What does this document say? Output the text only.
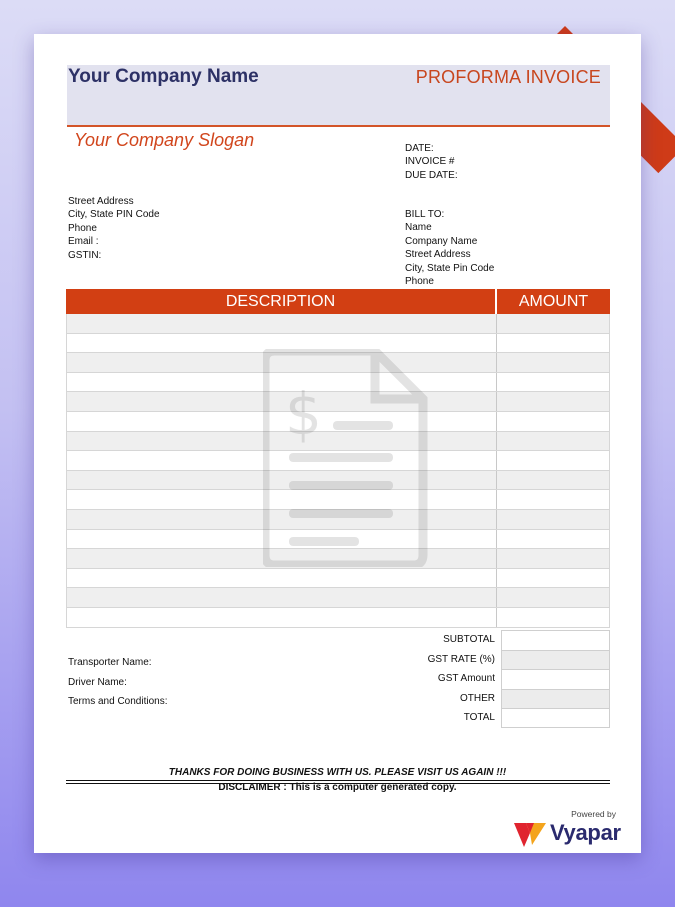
Your Company Name	PROFORMA INVOICE
Your Company Slogan	DATE:
INVOICE #
DUE DATE:
Street Address
City, State PIN Code
Phone
Email :
GSTIN:
BILL TO:
Name
Company Name
Street Address
City, State Pin Code
Phone
DESCRIPTION	AMOUNT
$
Transporter Name:
Driver Name:
Terms and Conditions:
SUBTOTAL
GST RATE (%)
GST Amount
OTHER
TOTAL
THANKS FOR DOING BUSINESS WITH US. PLEASE VISIT US AGAIN !!!
DISCLAIMER : This is a computer generated copy.
Powered by
Vyapar
